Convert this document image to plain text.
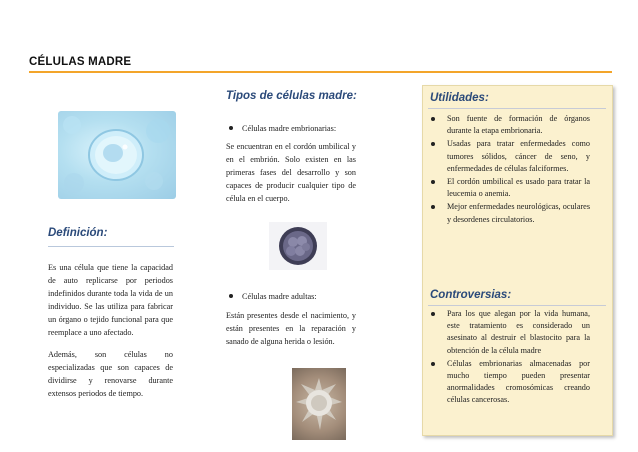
CÉLULAS MADRE
Definición:
Es una célula que tiene la capacidad de auto replicarse por periodos indefinidos durante toda la vida de un individuo. Se las utiliza para fabricar un órgano o tejido funcional para que reemplace a uno afectado.
Además, son células no especializadas que son capaces de dividirse y renovarse durante extensos periodos de tiempo.
Tipos de células madre:
Células madre embrionarias:
Se encuentran en el cordón umbilical y en el embrión. Solo existen en las primeras fases del desarrollo y son capaces de producir cualquier tipo de célula en el cuerpo.
Células madre adultas:
Están presentes desde el nacimiento, y están presentes en la reparación y sanado de alguna herida o lesión.
Utilidades:
Son fuente de formación de órganos durante la etapa embrionaria.
Usadas para tratar enfermedades como tumores sólidos, cáncer de seno, y enfermedades de células falciformes.
El cordón umbilical es usado para tratar la leucemia o anemia.
Mejor enfermedades neurológicas, oculares y desordenes circulatorios.
Controversias:
Para los que alegan por la vida humana, este tratamiento es considerado un asesinato al destruir el blastocito para la obtención de la célula madre
Células embrionarias almacenadas por mucho tiempo pueden presentar anormalidades cromosómicas creando células cancerosas.
